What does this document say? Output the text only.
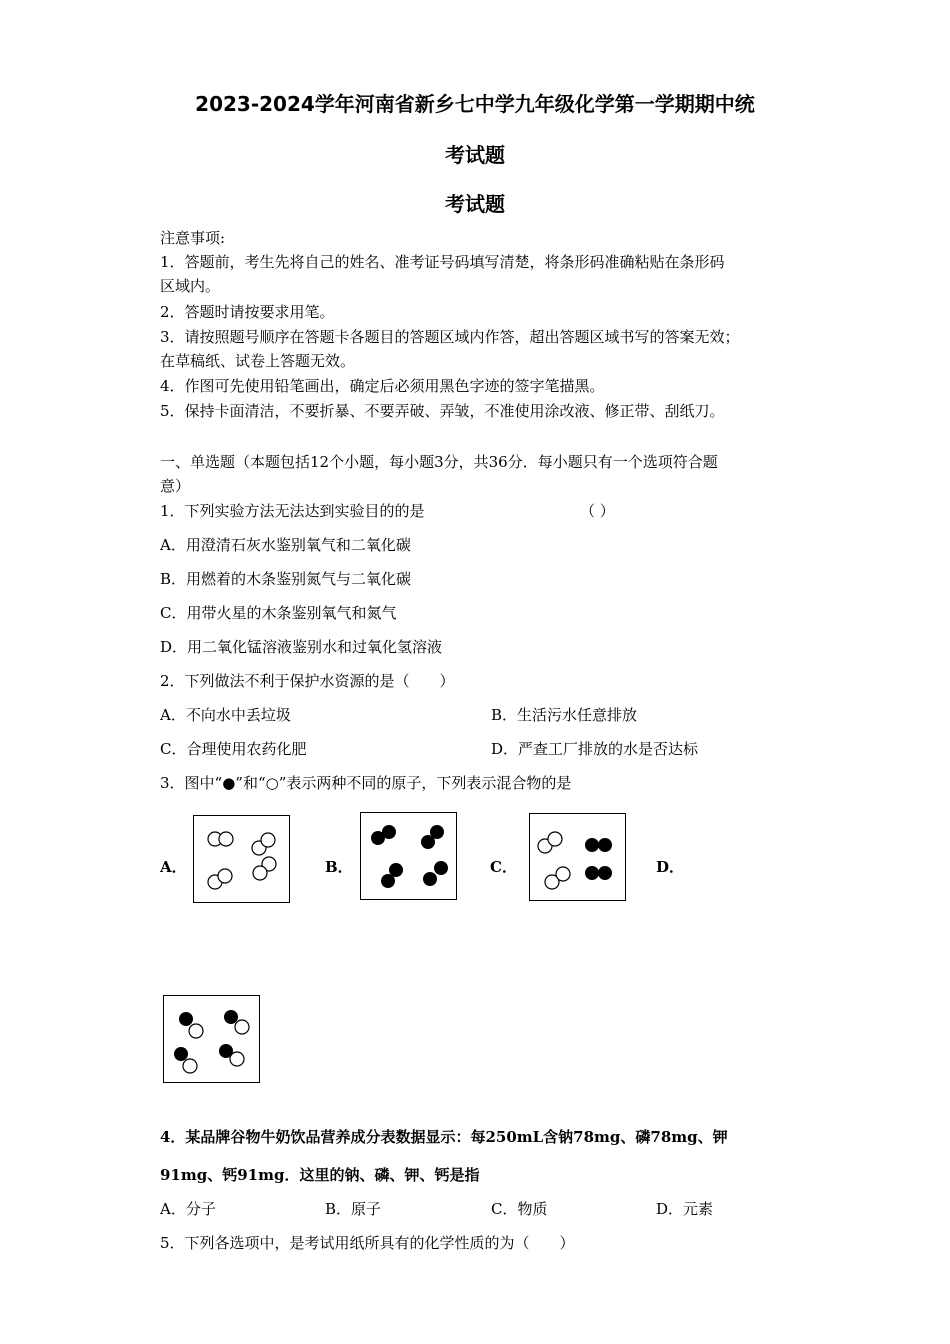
2023-2024学年河南省新乡七中学九年级化学第一学期期中统
考试题
考试题
注意事项:
1．答题前，考生先将自己的姓名、准考证号码填写清楚，将条形码准确粘贴在条形码
区域内。
2．答题时请按要求用笔。
3．请按照题号顺序在答题卡各题目的答题区域内作答，超出答题区域书写的答案无效；
在草稿纸、试卷上答题无效。
4．作图可先使用铅笔画出，确定后必须用黑色字迹的签字笔描黑。
5．保持卡面清洁，不要折暴、不要弄破、弄皱，不准使用涂改液、修正带、刮纸刀。
一、单选题（本题包括12个小题，每小题3分，共36分．每小题只有一个选项符合题
意）
1．下列实验方法无法达到实验目的的是	（ ）
A．用澄清石灰水鉴别氧气和二氧化碳
B．用燃着的木条鉴别氮气与二氧化碳
C．用带火星的木条鉴别氧气和氮气
D．用二氧化锰溶液鉴别水和过氧化氢溶液
2．下列做法不利于保护水资源的是（　　）
A．不向水中丢垃圾	B．生活污水任意排放
C．合理使用农药化肥	D．严查工厂排放的水是否达标
3．图中“●”和“○”表示两种不同的原子，下列表示混合物的是
A．	B．	C．	D．
4．某品牌谷物牛奶饮品营养成分表数据显示：每250mL含钠78mg、磷78mg、钾
91mg、钙91mg．这里的钠、磷、钾、钙是指
A．分子	B．原子	C．物质	D．元素
5．下列各选项中，是考试用纸所具有的化学性质的为（　　）
